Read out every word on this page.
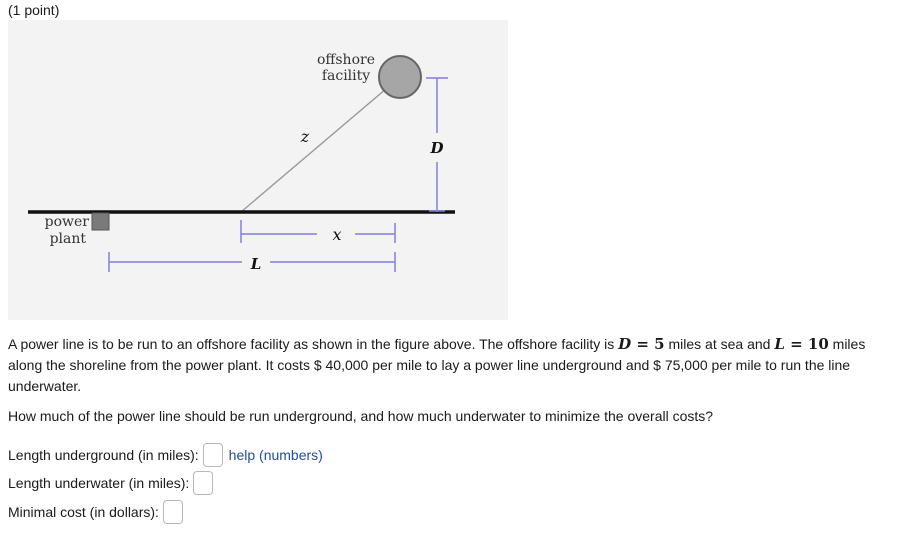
(1 point)
offshore
facility
power
plant
z
D
x
L
A power line is to be run to an offshore facility as shown in the figure above. The offshore facility is D = 5 miles at sea and L = 10 miles along the shoreline from the power plant. It costs $ 40,000 per mile to lay a power line underground and $ 75,000 per mile to run the line underwater.
How much of the power line should be run underground, and how much underwater to minimize the overall costs?
Length underground (in miles): help (numbers)
Length underwater (in miles):
Minimal cost (in dollars):
